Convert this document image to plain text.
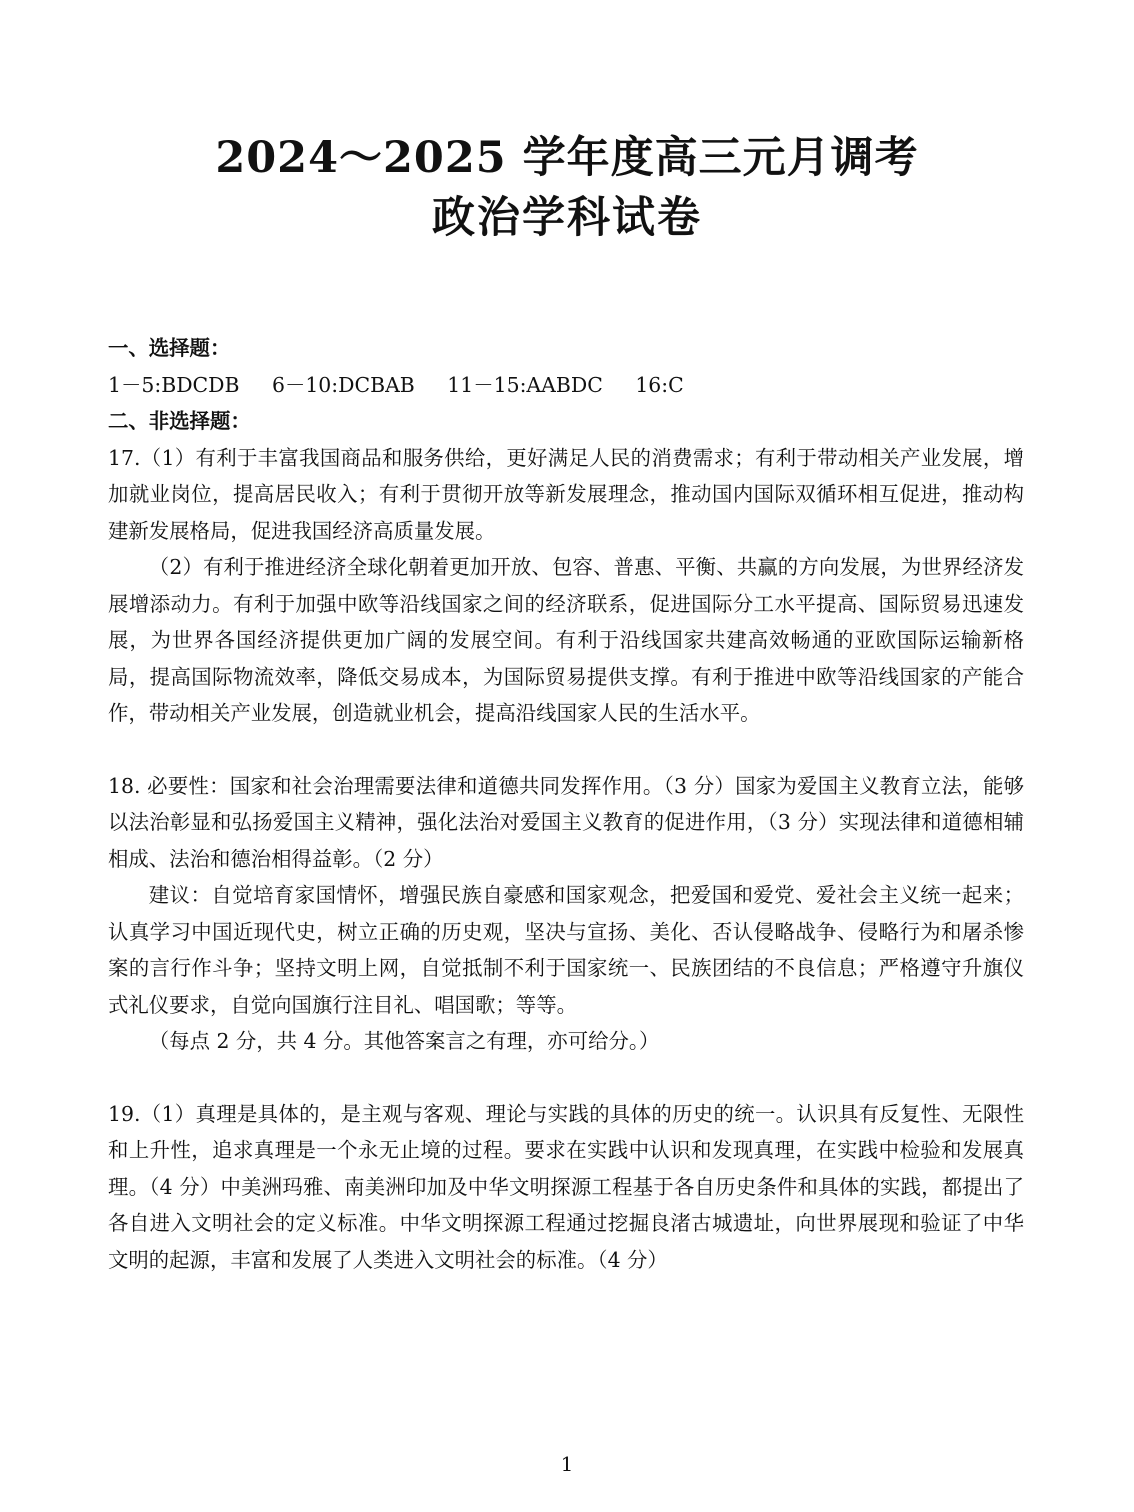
2024～2025 学年度高三元月调考
政治学科试卷

一、选择题：

1－5:BDCDB 6－10:DCBAB 11－15:AABDC 16:C

二、非选择题：

17.（1）有利于丰富我国商品和服务供给，更好满足人民的消费需求；有利于带动相关产业发展，增加就业岗位，提高居民收入；有利于贯彻开放等新发展理念，推动国内国际双循环相互促进，推动构建新发展格局，促进我国经济高质量发展。

（2）有利于推进经济全球化朝着更加开放、包容、普惠、平衡、共赢的方向发展，为世界经济发展增添动力。有利于加强中欧等沿线国家之间的经济联系，促进国际分工水平提高、国际贸易迅速发展，为世界各国经济提供更加广阔的发展空间。有利于沿线国家共建高效畅通的亚欧国际运输新格局，提高国际物流效率，降低交易成本，为国际贸易提供支撑。有利于推进中欧等沿线国家的产能合作，带动相关产业发展，创造就业机会，提高沿线国家人民的生活水平。

18. 必要性：国家和社会治理需要法律和道德共同发挥作用。（3 分）国家为爱国主义教育立法，能够以法治彰显和弘扬爱国主义精神，强化法治对爱国主义教育的促进作用，（3 分）实现法律和道德相辅相成、法治和德治相得益彰。（2 分）

建议：自觉培育家国情怀，增强民族自豪感和国家观念，把爱国和爱党、爱社会主义统一起来；认真学习中国近现代史，树立正确的历史观，坚决与宣扬、美化、否认侵略战争、侵略行为和屠杀惨案的言行作斗争；坚持文明上网，自觉抵制不利于国家统一、民族团结的不良信息；严格遵守升旗仪式礼仪要求，自觉向国旗行注目礼、唱国歌；等等。

（每点 2 分，共 4 分。其他答案言之有理，亦可给分。）

19.（1）真理是具体的，是主观与客观、理论与实践的具体的历史的统一。认识具有反复性、无限性和上升性，追求真理是一个永无止境的过程。要求在实践中认识和发现真理，在实践中检验和发展真理。（4 分）中美洲玛雅、南美洲印加及中华文明探源工程基于各自历史条件和具体的实践，都提出了各自进入文明社会的定义标准。中华文明探源工程通过挖掘良渚古城遗址，向世界展现和验证了中华文明的起源，丰富和发展了人类进入文明社会的标准。（4 分）

1
